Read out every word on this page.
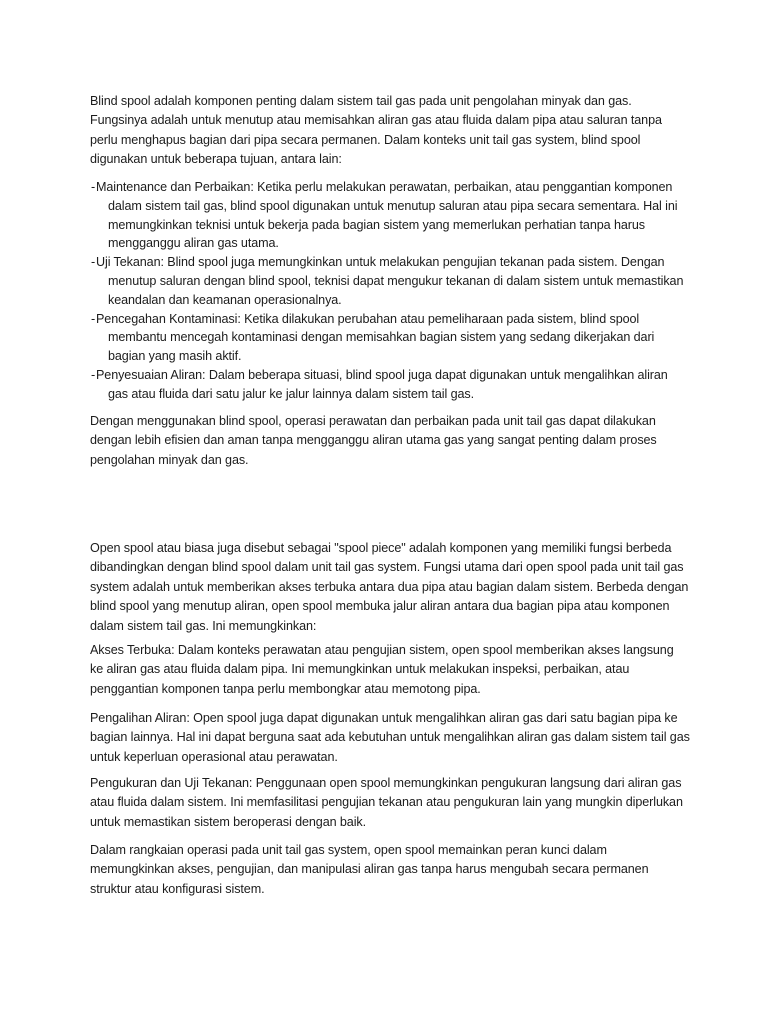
Blind spool adalah komponen penting dalam sistem tail gas pada unit pengolahan minyak dan gas. Fungsinya adalah untuk menutup atau memisahkan aliran gas atau fluida dalam pipa atau saluran tanpa perlu menghapus bagian dari pipa secara permanen. Dalam konteks unit tail gas system, blind spool digunakan untuk beberapa tujuan, antara lain:

-Maintenance dan Perbaikan: Ketika perlu melakukan perawatan, perbaikan, atau penggantian komponen dalam sistem tail gas, blind spool digunakan untuk menutup saluran atau pipa secara sementara. Hal ini memungkinkan teknisi untuk bekerja pada bagian sistem yang memerlukan perhatian tanpa harus mengganggu aliran gas utama.
-Uji Tekanan: Blind spool juga memungkinkan untuk melakukan pengujian tekanan pada sistem. Dengan menutup saluran dengan blind spool, teknisi dapat mengukur tekanan di dalam sistem untuk memastikan keandalan dan keamanan operasionalnya.
-Pencegahan Kontaminasi: Ketika dilakukan perubahan atau pemeliharaan pada sistem, blind spool membantu mencegah kontaminasi dengan memisahkan bagian sistem yang sedang dikerjakan dari bagian yang masih aktif.
-Penyesuaian Aliran: Dalam beberapa situasi, blind spool juga dapat digunakan untuk mengalihkan aliran gas atau fluida dari satu jalur ke jalur lainnya dalam sistem tail gas.

Dengan menggunakan blind spool, operasi perawatan dan perbaikan pada unit tail gas dapat dilakukan dengan lebih efisien dan aman tanpa mengganggu aliran utama gas yang sangat penting dalam proses pengolahan minyak dan gas.

Open spool atau biasa juga disebut sebagai "spool piece" adalah komponen yang memiliki fungsi berbeda dibandingkan dengan blind spool dalam unit tail gas system. Fungsi utama dari open spool pada unit tail gas system adalah untuk memberikan akses terbuka antara dua pipa atau bagian dalam sistem. Berbeda dengan blind spool yang menutup aliran, open spool membuka jalur aliran antara dua bagian pipa atau komponen dalam sistem tail gas. Ini memungkinkan:

Akses Terbuka: Dalam konteks perawatan atau pengujian sistem, open spool memberikan akses langsung ke aliran gas atau fluida dalam pipa. Ini memungkinkan untuk melakukan inspeksi, perbaikan, atau penggantian komponen tanpa perlu membongkar atau memotong pipa.

Pengalihan Aliran: Open spool juga dapat digunakan untuk mengalihkan aliran gas dari satu bagian pipa ke bagian lainnya. Hal ini dapat berguna saat ada kebutuhan untuk mengalihkan aliran gas dalam sistem tail gas untuk keperluan operasional atau perawatan.

Pengukuran dan Uji Tekanan: Penggunaan open spool memungkinkan pengukuran langsung dari aliran gas atau fluida dalam sistem. Ini memfasilitasi pengujian tekanan atau pengukuran lain yang mungkin diperlukan untuk memastikan sistem beroperasi dengan baik.

Dalam rangkaian operasi pada unit tail gas system, open spool memainkan peran kunci dalam memungkinkan akses, pengujian, dan manipulasi aliran gas tanpa harus mengubah secara permanen struktur atau konfigurasi sistem.
